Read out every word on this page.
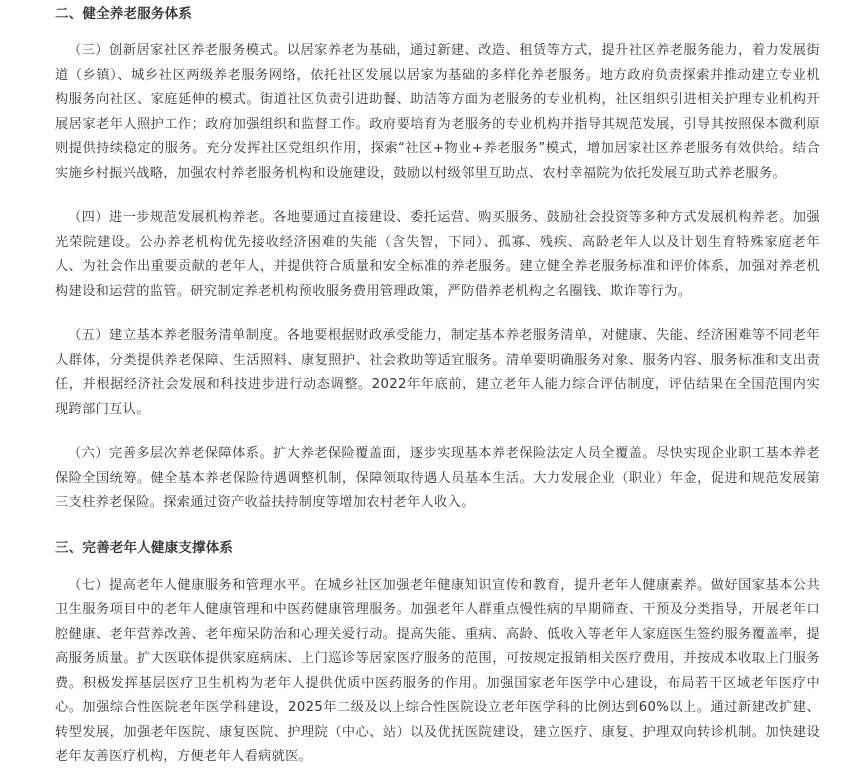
二、健全养老服务体系

（三）创新居家社区养老服务模式。以居家养老为基础，通过新建、改造、租赁等方式，提升社区养老服务能力，着力发展街道（乡镇）、城乡社区两级养老服务网络，依托社区发展以居家为基础的多样化养老服务。地方政府负责探索并推动建立专业机构服务向社区、家庭延伸的模式。街道社区负责引进助餐、助洁等方面为老服务的专业机构，社区组织引进相关护理专业机构开展居家老年人照护工作；政府加强组织和监督工作。政府要培育为老服务的专业机构并指导其规范发展，引导其按照保本微利原则提供持续稳定的服务。充分发挥社区党组织作用，探索“社区+物业+养老服务”模式，增加居家社区养老服务有效供给。结合实施乡村振兴战略，加强农村养老服务机构和设施建设，鼓励以村级邻里互助点、农村幸福院为依托发展互助式养老服务。

（四）进一步规范发展机构养老。各地要通过直接建设、委托运营、购买服务、鼓励社会投资等多种方式发展机构养老。加强光荣院建设。公办养老机构优先接收经济困难的失能（含失智，下同）、孤寡、残疾、高龄老年人以及计划生育特殊家庭老年人、为社会作出重要贡献的老年人，并提供符合质量和安全标准的养老服务。建立健全养老服务标准和评价体系，加强对养老机构建设和运营的监管。研究制定养老机构预收服务费用管理政策，严防借养老机构之名圈钱、欺诈等行为。

（五）建立基本养老服务清单制度。各地要根据财政承受能力，制定基本养老服务清单，对健康、失能、经济困难等不同老年人群体，分类提供养老保障、生活照料、康复照护、社会救助等适宜服务。清单要明确服务对象、服务内容、服务标准和支出责任，并根据经济社会发展和科技进步进行动态调整。2022年年底前，建立老年人能力综合评估制度，评估结果在全国范围内实现跨部门互认。

（六）完善多层次养老保障体系。扩大养老保险覆盖面，逐步实现基本养老保险法定人员全覆盖。尽快实现企业职工基本养老保险全国统筹。健全基本养老保险待遇调整机制，保障领取待遇人员基本生活。大力发展企业（职业）年金，促进和规范发展第三支柱养老保险。探索通过资产收益扶持制度等增加农村老年人收入。

三、完善老年人健康支撑体系

（七）提高老年人健康服务和管理水平。在城乡社区加强老年健康知识宣传和教育，提升老年人健康素养。做好国家基本公共卫生服务项目中的老年人健康管理和中医药健康管理服务。加强老年人群重点慢性病的早期筛查、干预及分类指导，开展老年口腔健康、老年营养改善、老年痴呆防治和心理关爱行动。提高失能、重病、高龄、低收入等老年人家庭医生签约服务覆盖率，提高服务质量。扩大医联体提供家庭病床、上门巡诊等居家医疗服务的范围，可按规定报销相关医疗费用，并按成本收取上门服务费。积极发挥基层医疗卫生机构为老年人提供优质中医药服务的作用。加强国家老年医学中心建设，布局若干区域老年医疗中心。加强综合性医院老年医学科建设，2025年二级及以上综合性医院设立老年医学科的比例达到60%以上。通过新建改扩建、转型发展，加强老年医院、康复医院、护理院（中心、站）以及优抚医院建设，建立医疗、康复、护理双向转诊机制。加快建设老年友善医疗机构，方便老年人看病就医。
